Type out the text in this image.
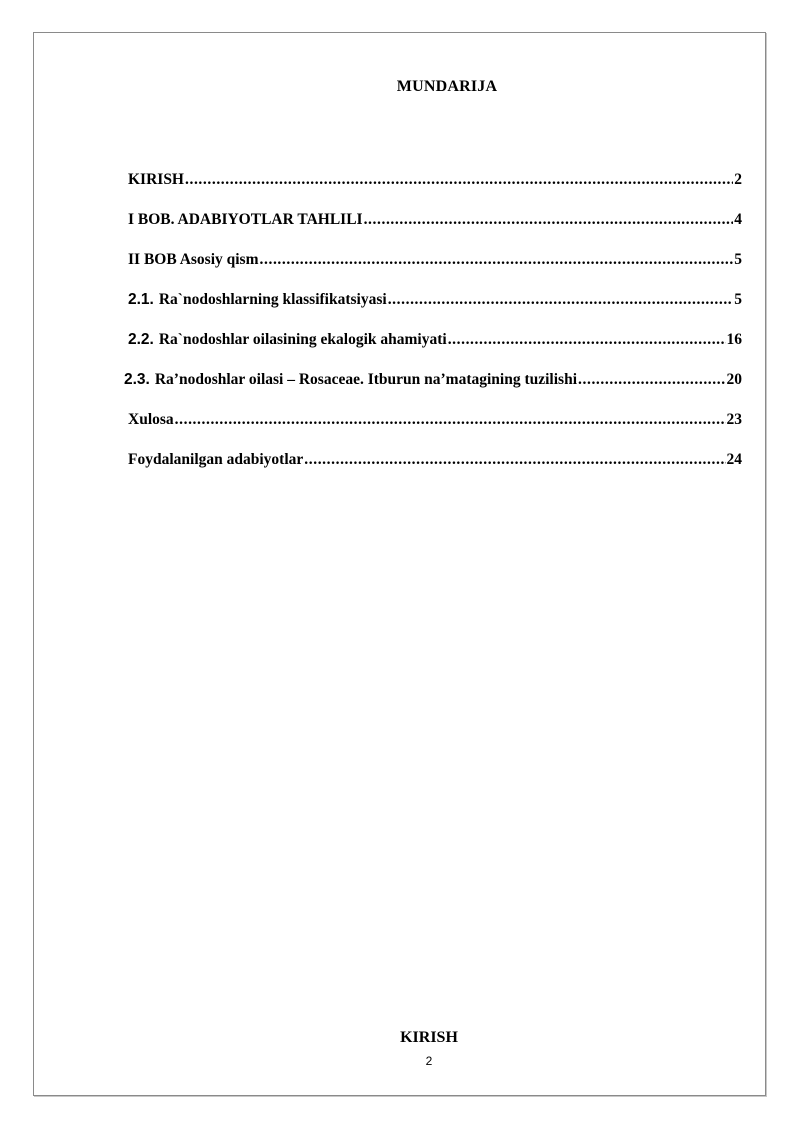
MUNDARIJA
KIRISH .....	2
I BOB. ADABIYOTLAR TAHLILI .....	4
II BOB Asosiy qism .....	5
2.1. Ra`nodoshlarning klassifikatsiyasi .....	5
2.2. Ra`nodoshlar oilasining ekalogik ahamiyati .....	16
2.3. Ra’nodoshlar oilasi – Rosaceae. Itburun na’matagining tuzilishi .....	20
Xulosa .....	23
Foydalanilgan adabiyotlar .....	24
KIRISH
2
